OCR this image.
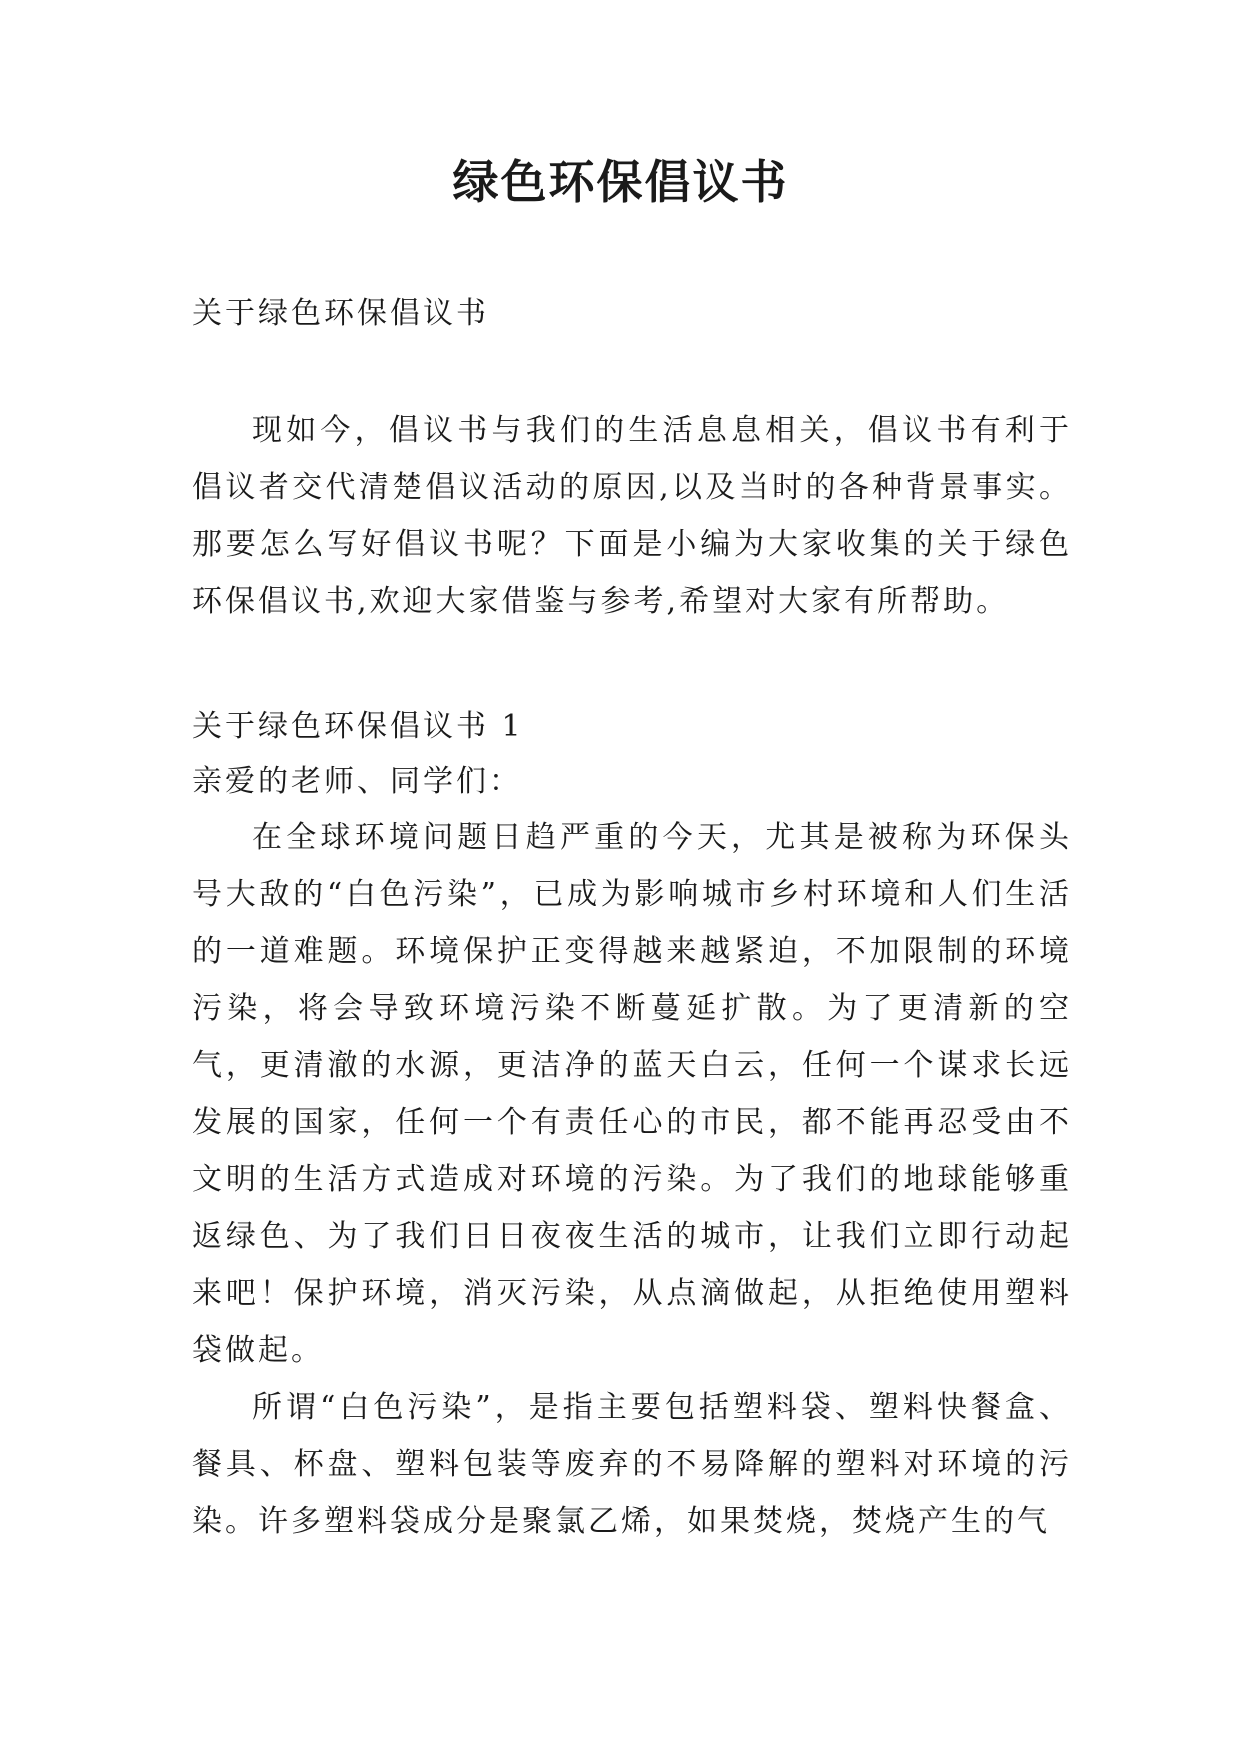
绿色环保倡议书

关于绿色环保倡议书

现如今，倡议书与我们的生活息息相关，倡议书有利于倡议者交代清楚倡议活动的原因,以及当时的各种背景事实。那要怎么写好倡议书呢？下面是小编为大家收集的关于绿色环保倡议书,欢迎大家借鉴与参考,希望对大家有所帮助。

关于绿色环保倡议书 1

亲爱的老师、同学们：

在全球环境问题日趋严重的今天，尤其是被称为环保头号大敌的“白色污染”，已成为影响城市乡村环境和人们生活的一道难题。环境保护正变得越来越紧迫，不加限制的环境污染，将会导致环境污染不断蔓延扩散。为了更清新的空气，更清澈的水源，更洁净的蓝天白云，任何一个谋求长远发展的国家，任何一个有责任心的市民，都不能再忍受由不文明的生活方式造成对环境的污染。为了我们的地球能够重返绿色、为了我们日日夜夜生活的城市，让我们立即行动起来吧！保护环境，消灭污染，从点滴做起，从拒绝使用塑料袋做起。

所谓“白色污染”，是指主要包括塑料袋、塑料快餐盒、餐具、杯盘、塑料包装等废弃的不易降解的塑料对环境的污染。许多塑料袋成分是聚氯乙烯，如果焚烧，焚烧产生的气
